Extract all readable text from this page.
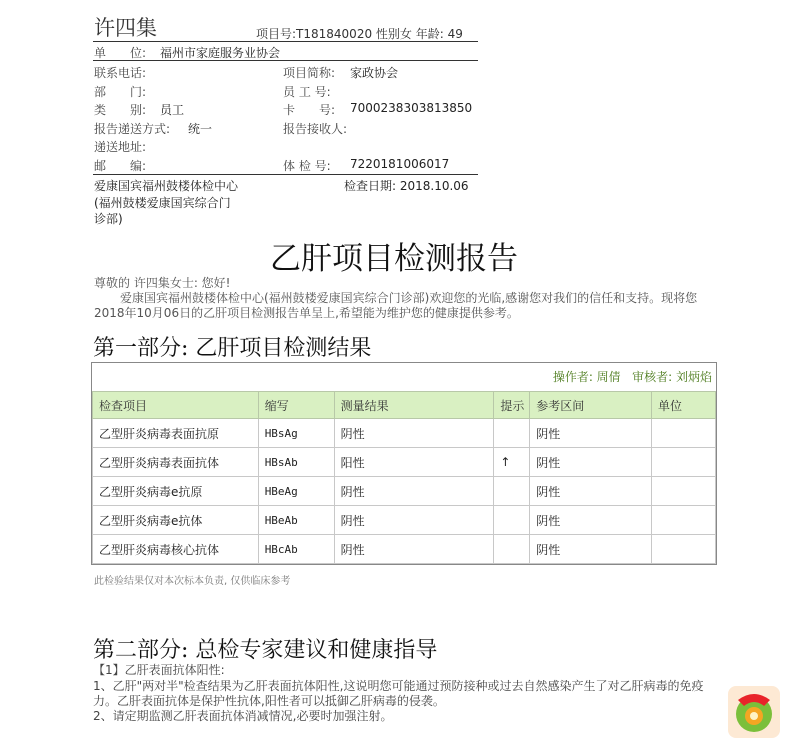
许四集	项目号:T181840020 性别女 年龄: 49
单　　位: 福州市家庭服务业协会
联系电话:	项目简称: 家政协会
部　　门:	员 工 号:
类　　别: 员工	卡　　号: 7000238303813850
报告递送方式: 统一	报告接收人:
递送地址:
邮　　编:	体 检 号: 7220181006017
爱康国宾福州鼓楼体检中心
(福州鼓楼爱康国宾综合门
诊部)
检查日期: 2018.10.06
乙肝项目检测报告
尊敬的 许四集女士: 您好!
爱康国宾福州鼓楼体检中心(福州鼓楼爱康国宾综合门诊部)欢迎您的光临,感谢您对我们的信任和支持。现将您2018年10月06日的乙肝项目检测报告单呈上,希望能为维护您的健康提供参考。
第一部分: 乙肝项目检测结果
操作者: 周倩 审核者: 刘炳焰
检查项目	缩写	测量结果	提示	参考区间	单位
乙型肝炎病毒表面抗原	HBsAg	阴性		阴性	
乙型肝炎病毒表面抗体	HBsAb	阳性	↑	阴性	
乙型肝炎病毒e抗原	HBeAg	阴性		阴性	
乙型肝炎病毒e抗体	HBeAb	阴性		阴性	
乙型肝炎病毒核心抗体	HBcAb	阴性		阴性	
此检验结果仅对本次标本负责, 仅供临床参考
第二部分: 总检专家建议和健康指导
【1】乙肝表面抗体阳性:
1、乙肝"两对半"检查结果为乙肝表面抗体阳性,这说明您可能通过预防接种或过去自然感染产生了对乙肝病毒的免疫力。乙肝表面抗体是保护性抗体,阳性者可以抵御乙肝病毒的侵袭。
2、请定期监测乙肝表面抗体消减情况,必要时加强注射。
